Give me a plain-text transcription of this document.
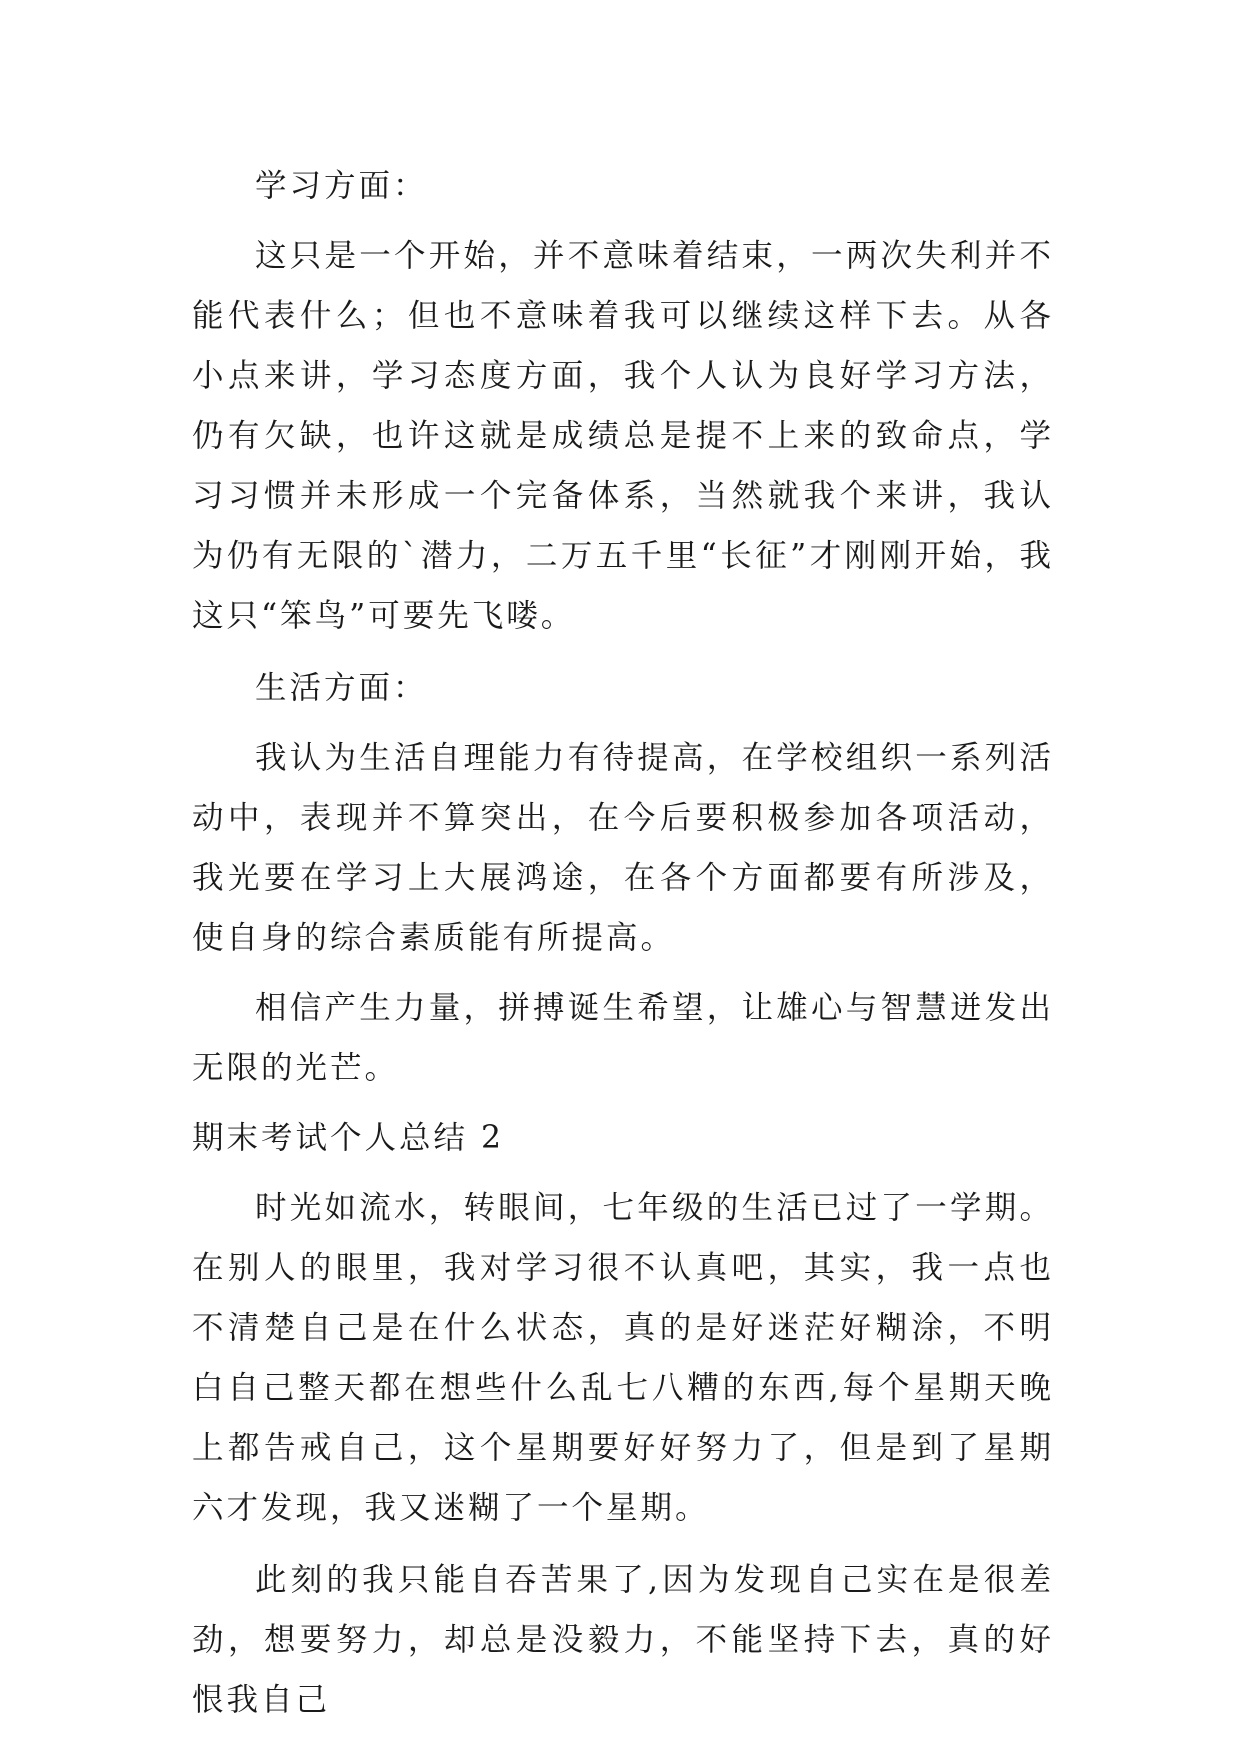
学习方面：

这只是一个开始，并不意味着结束，一两次失利并不能代表什么；但也不意味着我可以继续这样下去。从各小点来讲，学习态度方面，我个人认为良好学习方法，仍有欠缺，也许这就是成绩总是提不上来的致命点，学习习惯并未形成一个完备体系，当然就我个来讲，我认为仍有无限的`潜力，二万五千里“长征”才刚刚开始，我这只“笨鸟”可要先飞喽。

生活方面：

我认为生活自理能力有待提高，在学校组织一系列活动中，表现并不算突出，在今后要积极参加各项活动，我光要在学习上大展鸿途，在各个方面都要有所涉及，使自身的综合素质能有所提高。

相信产生力量，拼搏诞生希望，让雄心与智慧迸发出无限的光芒。

期末考试个人总结 2

时光如流水，转眼间，七年级的生活已过了一学期。在别人的眼里，我对学习很不认真吧，其实，我一点也不清楚自己是在什么状态，真的是好迷茫好糊涂，不明白自己整天都在想些什么乱七八糟的东西,每个星期天晚上都告戒自己，这个星期要好好努力了，但是到了星期六才发现，我又迷糊了一个星期。

此刻的我只能自吞苦果了,因为发现自己实在是很差劲，想要努力，却总是没毅力，不能坚持下去，真的好恨我自己
